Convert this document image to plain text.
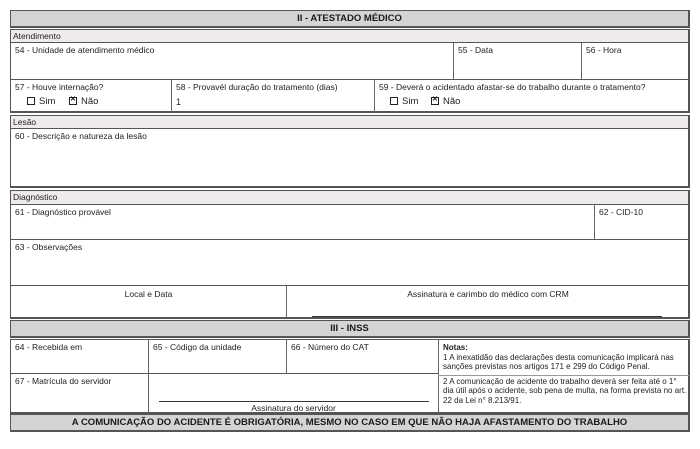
II - ATESTADO MÉDICO
Atendimento
54 - Unidade de atendimento médico	55 - Data	56 - Hora
57 - Houve internação?
Sim ✕	Não
58 - Provavél duração do tratamento (dias)
1
59 - Deverá o acidentado afastar-se do trabalho durante o tratamento?
Sim ✕	Não
Lesão
60 - Descrição e natureza da lesão
Diagnóstico
61 - Diagnóstico provável	62 - CID-10
63 - Observações
Local e Data	Assinatura e carimbo do médico com CRM
III - INSS
64 - Recebida em	65 - Código da unidade	66 - Número do CAT
67 - Matrícula do servidor
Assinatura do servidor
Notas:
1 A inexatidão das declarações desta comunicação implicará nas sanções previstas nos artigos 171 e 299 do Código Penal.
2 A comunicação de acidente do trabalho deverá ser feita até o 1° dia útil após o acidente, sob pena de multa, na forma prevista no art. 22 da Lei n° 8.213/91.
A COMUNICAÇÃO DO ACIDENTE É OBRIGATÓRIA, MESMO NO CASO EM QUE NÃO HAJA AFASTAMENTO DO TRABALHO
